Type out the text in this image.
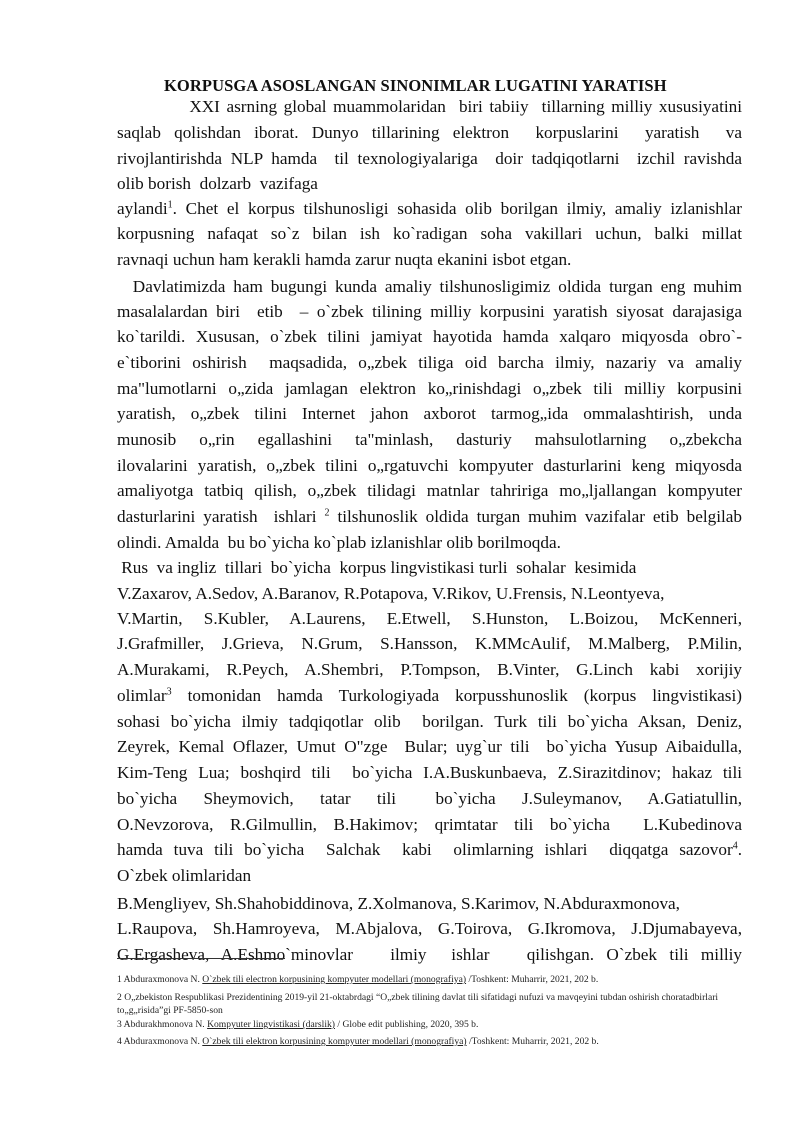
KORPUSGA ASOSLANGAN SINONIMLAR LUGATINI YARATISH
XXI asrning global muammolaridan  biri tabiiy  tillarning milliy xususiyatini
saqlab qolishdan iborat. Dunyo tillarining elektron  korpuslarini  yaratish  va
rivojlantirishda NLP hamda  til texnologiyalariga  doir tadqiqotlarni  izchil ravishda
olib borish  dolzarb  vazifaga
aylandi$^1$. Chet el korpus tilshunosligi sohasida olib borilgan ilmiy, amaliy izlanishlar
korpusning nafaqat so`z bilan ish ko`radigan soha vakillari uchun, balki millat
ravnaqi uchun ham kerakli hamda zarur nuqta ekanini isbot etgan.
Davlatimizda ham bugungi kunda amaliy tilshunosligimiz oldida turgan eng muhim
masalalardan biri  etib  – o`zbek tilining milliy korpusini yaratish siyosat darajasiga
ko`tarildi. Xususan, o`zbek tilini jamiyat hayotida hamda xalqaro miqyosda obro`-
e`tiborini oshirish  maqsadida, o„zbek tiliga oid barcha ilmiy, nazariy va amaliy
ma"lumotlarni o„zida jamlagan elektron ko„rinishdagi o„zbek tili milliy korpusini
yaratish, o„zbek tilini Internet jahon axborot tarmog„ida ommalashtirish, unda
munosib o„rin egallashini ta"minlash, dasturiy mahsulotlarning o„zbekcha
ilovalarini yaratish, o„zbek tilini o„rgatuvchi kompyuter dasturlarini keng miqyosda
amaliyotga tatbiq qilish, o„zbek tilidagi matnlar tahririga mo„ljallangan kompyuter
dasturlarini yaratish  ishlari $^2$ tilshunoslik oldida turgan muhim vazifalar etib belgilab
olindi. Amalda  bu bo`yicha ko`plab izlanishlar olib borilmoqda.
Rus  va ingliz  tillari  bo`yicha  korpus lingvistikasi turli  sohalar  kesimida
V.Zaxarov, A.Sedov, A.Baranov, R.Potapova, V.Rikov, U.Frensis, N.Leontyeva,
V.Martin, S.Kubler, A.Laurens, E.Etwell, S.Hunston, L.Boizou, McKenneri,
J.Grafmiller, J.Grieva, N.Grum, S.Hansson, K.MMcAulif, M.Malberg, P.Milin,
A.Murakami, R.Peych, A.Shembri, P.Tompson, B.Vinter, G.Linch kabi xorijiy
olimlar$^3$ tomonidan hamda Turkologiyada korpusshunoslik (korpus lingvistikasi)
sohasi bo`yicha ilmiy tadqiqotlar olib  borilgan. Turk tili bo`yicha Aksan, Deniz,
Zeyrek, Kemal Oflazer, Umut O"zge  Bular; uyg`ur tili  bo`yicha Yusup Aibaidulla,
Kim-Teng Lua; boshqird tili  bo`yicha I.A.Buskunbaeva, Z.Sirazitdinov; hakaz tili
bo`yicha  Sheymovich,  tatar  tili   bo`yicha  J.Suleymanov,  A.Gatiatullin,
O.Nevzorova, R.Gilmullin, B.Hakimov; qrimtatar tili bo`yicha  L.Kubedinova
hamda tuva tili bo`yicha  Salchak  kabi  olimlarning ishlari  diqqatga sazovor$^4$.
O`zbek olimlaridan
B.Mengliyev, Sh.Shahobiddinova, Z.Xolmanova, S.Karimov, N.Abduraxmonova,
L.Raupova, Sh.Hamroyeva, M.Abjalova, G.Toirova, G.Ikromova, J.Djumabayeva,
G.Ergasheva, A.Eshmo`minovlar   ilmiy  ishlar   qilishgan. O`zbek tili milliy
1 Abduraxmonova N. O`zbek tili electron korpusining kompyuter modellari (monografiya) /Toshkent: Muharrir, 2021, 202 b.
2 O„zbekiston Respublikasi Prezidentining 2019-yil 21-oktabrdagi “O„zbek tilining davlat tili sifatidagi nufuzi va mavqeyini tubdan oshirish choratadbirlari to„g„risida”gi PF-5850-son
3 Abdurakhmonova N. Kompyuter lingvistikasi (darslik) / Globe edit publishing, 2020, 395 b.
4 Abduraxmonova N. O`zbek tili elektron korpusining kompyuter modellari (monografiya) /Toshkent: Muharrir, 2021, 202 b.
